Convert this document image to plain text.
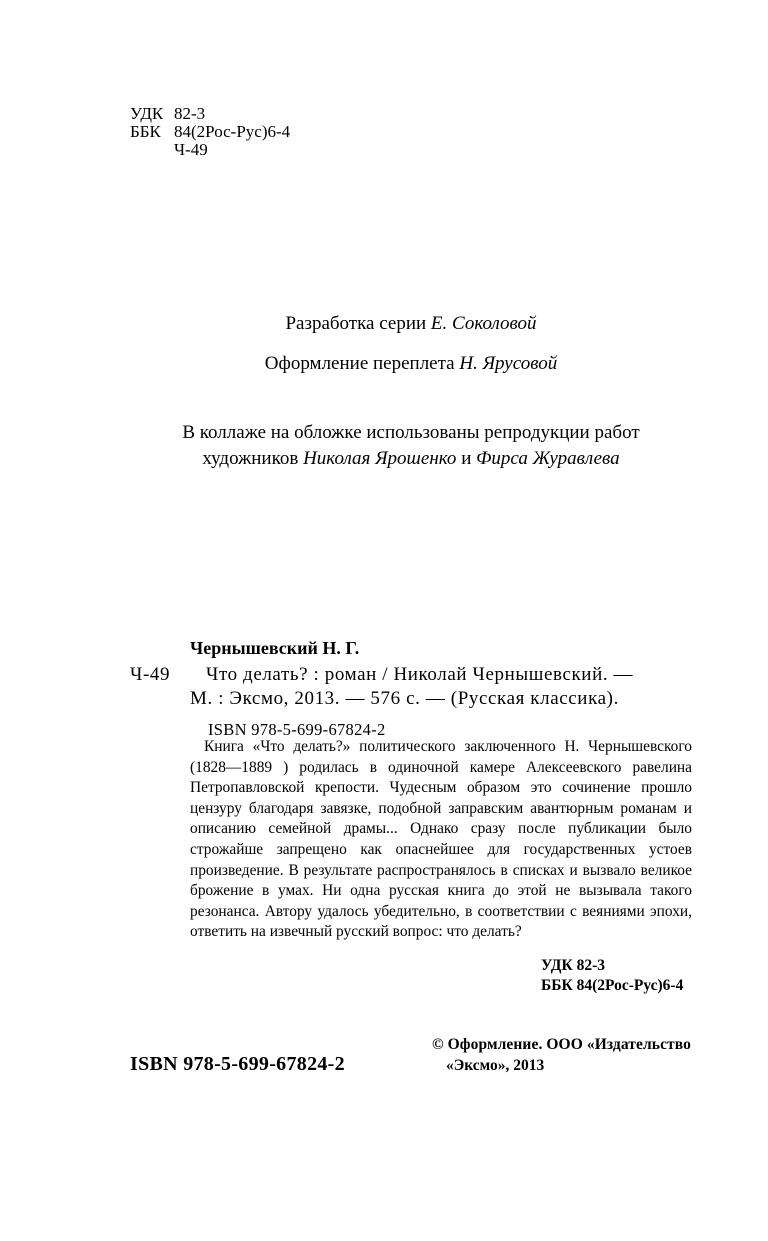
УДК 82-3
ББК 84(2Рос-Рус)6-4
Ч-49
Разработка серии Е. Соколовой
Оформление переплета Н. Ярусовой
В коллаже на обложке использованы репродукции работ
художников Николая Ярошенко и Фирса Журавлева
Чернышевский Н. Г.
Ч-49 Что делать? : роман / Николай Чернышевский. —
М. : Эксмо, 2013. — 576 с. — (Русская классика).
ISBN 978-5-699-67824-2
Книга «Что делать?» политического заключенного Н. Чернышевского (1828—1889 ) родилась в одиночной камере Алексеевского равелина Петропавловской крепости. Чудесным образом это сочинение прошло цензуру благодаря завязке, подобной заправским авантюрным романам и описанию семейной драмы... Однако сразу после публикации было строжайше запрещено как опаснейшее для государственных устоев произведение. В результате распространялось в списках и вызвало великое брожение в умах. Ни одна русская книга до этой не вызывала такого резонанса. Автору удалось убедительно, в соответствии с веяниями эпохи, ответить на извечный русский вопрос: что делать?
УДК 82-3
ББК 84(2Рос-Рус)6-4
ISBN 978-5-699-67824-2
© Оформление. ООО «Издательство
«Эксмо», 2013
